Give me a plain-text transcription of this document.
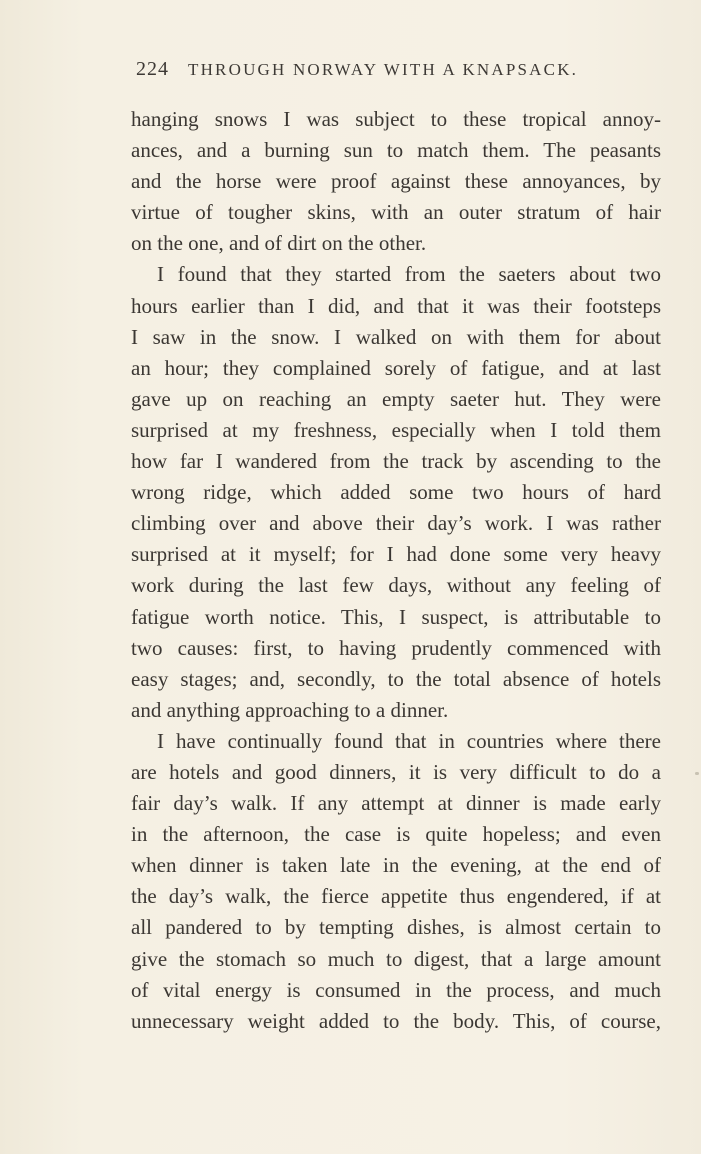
224 THROUGH NORWAY WITH A KNAPSACK.
hanging snows I was subject to these tropical annoy-
ances, and a burning sun to match them. The peasants
and the horse were proof against these annoyances, by
virtue of tougher skins, with an outer stratum of hair
on the one, and of dirt on the other.
I found that they started from the saeters about two
hours earlier than I did, and that it was their footsteps
I saw in the snow. I walked on with them for about
an hour; they complained sorely of fatigue, and at last
gave up on reaching an empty saeter hut. They were
surprised at my freshness, especially when I told them
how far I wandered from the track by ascending to the
wrong ridge, which added some two hours of hard
climbing over and above their day’s work. I was rather
surprised at it myself; for I had done some very heavy
work during the last few days, without any feeling of
fatigue worth notice. This, I suspect, is attributable to
two causes: first, to having prudently commenced with
easy stages; and, secondly, to the total absence of hotels
and anything approaching to a dinner.
I have continually found that in countries where there
are hotels and good dinners, it is very difficult to do a
fair day’s walk. If any attempt at dinner is made early
in the afternoon, the case is quite hopeless; and even
when dinner is taken late in the evening, at the end of
the day’s walk, the fierce appetite thus engendered, if at
all pandered to by tempting dishes, is almost certain to
give the stomach so much to digest, that a large amount
of vital energy is consumed in the process, and much
unnecessary weight added to the body. This, of course,
